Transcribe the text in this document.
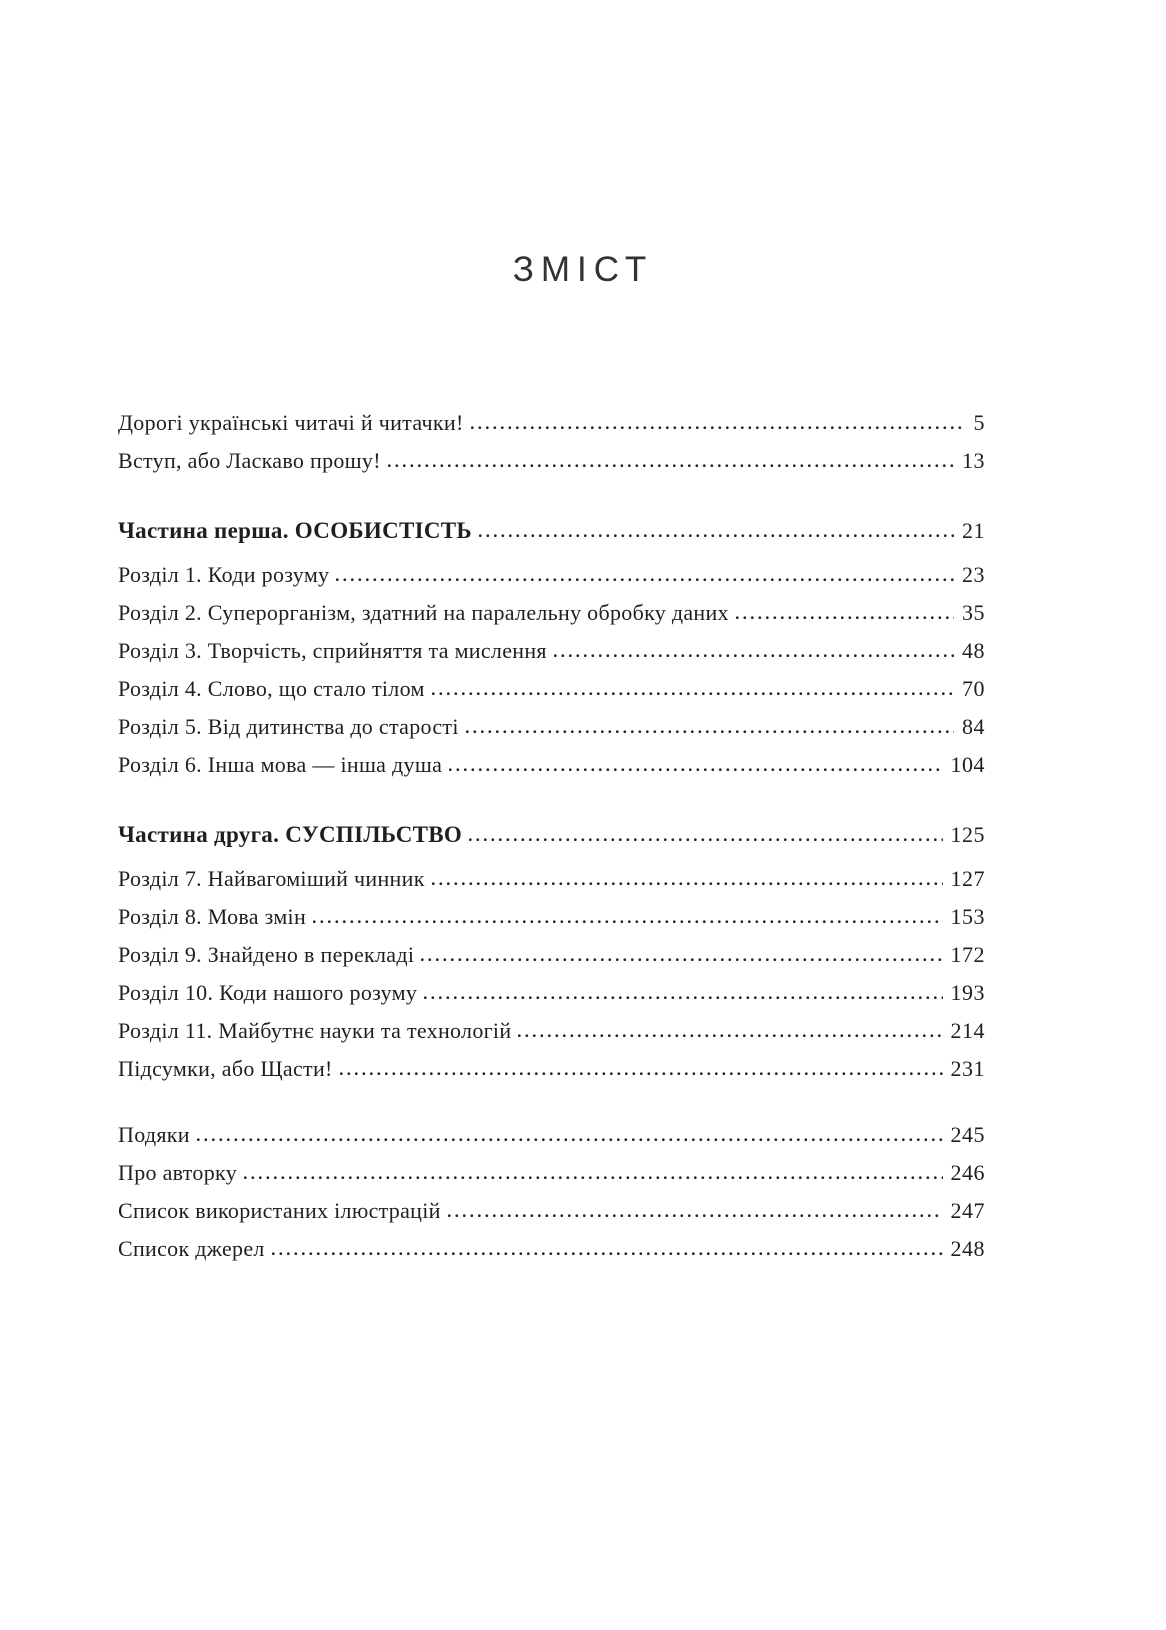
ЗМІСТ
Дорогі українські читачі й читачки!	5
Вступ, або Ласкаво прошу!	13
Частина перша. ОСОБИСТІСТЬ	21
Розділ 1. Коди розуму	23
Розділ 2. Суперорганізм, здатний на паралельну обробку даних	35
Розділ 3. Творчість, сприйняття та мислення	48
Розділ 4. Слово, що стало тілом	70
Розділ 5. Від дитинства до старості	84
Розділ 6. Інша мова — інша душа	104
Частина друга. СУСПІЛЬСТВО	125
Розділ 7. Найвагоміший чинник	127
Розділ 8. Мова змін	153
Розділ 9. Знайдено в перекладі	172
Розділ 10. Коди нашого розуму	193
Розділ 11. Майбутнє науки та технологій	214
Підсумки, або Щасти!	231
Подяки	245
Про авторку	246
Список використаних ілюстрацій	247
Список джерел	248
